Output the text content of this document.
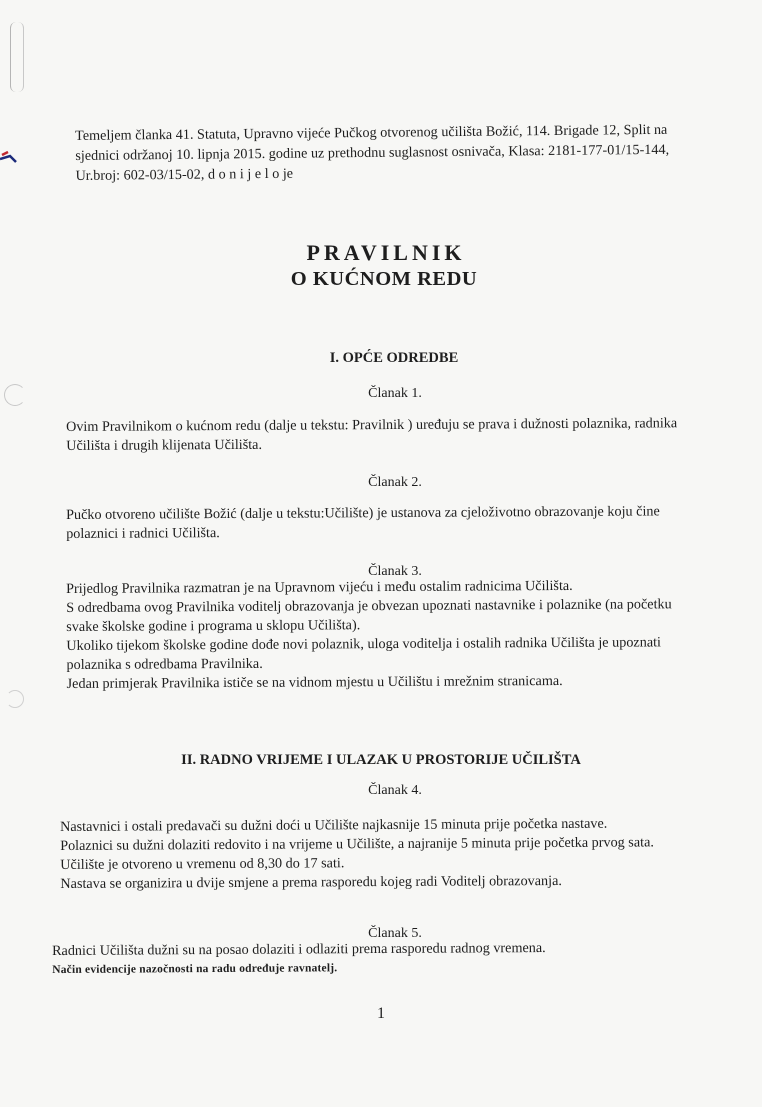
Temeljem članka 41. Statuta, Upravno vijeće Pučkog otvorenog učilišta Božić, 114. Brigade 12, Split na sjednici održanoj 10. lipnja 2015. godine uz prethodnu suglasnost osnivača, Klasa: 2181-177-01/15-144, Ur.broj: 602-03/15-02, d o n i j e l o je
PRAVILNIK
O KUĆNOM REDU
I. OPĆE ODREDBE
Članak 1.

Ovim Pravilnikom o kućnom redu (dalje u tekstu: Pravilnik ) uređuju se prava i dužnosti polaznika, radnika Učilišta i drugih klijenata Učilišta.

Članak 2.

Pučko otvoreno učilište Božić (dalje u tekstu:Učilište) je ustanova za cjeloživotno obrazovanje koju čine polaznici i radnici Učilišta.

Članak 3.

Prijedlog Pravilnika razmatran je na Upravnom vijeću i među ostalim radnicima Učilišta.

S odredbama ovog Pravilnika voditelj obrazovanja je obvezan upoznati nastavnike i polaznike (na početku svake školske godine i programa u sklopu Učilišta).

Ukoliko tijekom školske godine dođe novi polaznik, uloga voditelja i ostalih radnika Učilišta je upoznati polaznika s odredbama Pravilnika.

Jedan primjerak Pravilnika ističe se na vidnom mjestu u Učilištu i mrežnim stranicama.

II. RADNO VRIJEME I ULAZAK U PROSTORIJE UČILIŠTA
Članak 4.

Nastavnici i ostali predavači su dužni doći u Učilište najkasnije 15 minuta prije početka nastave.

Polaznici su dužni dolaziti redovito i na vrijeme u Učilište, a najranije 5 minuta prije početka prvog sata.

Učilište je otvoreno u vremenu od 8,30 do 17 sati.

Nastava se organizira u dvije smjene a prema rasporedu kojeg radi Voditelj obrazovanja.

Članak 5.

Radnici Učilišta dužni su na posao dolaziti i odlaziti prema rasporedu radnog vremena.

Način evidencije nazočnosti na radu određuje ravnatelj.

1
